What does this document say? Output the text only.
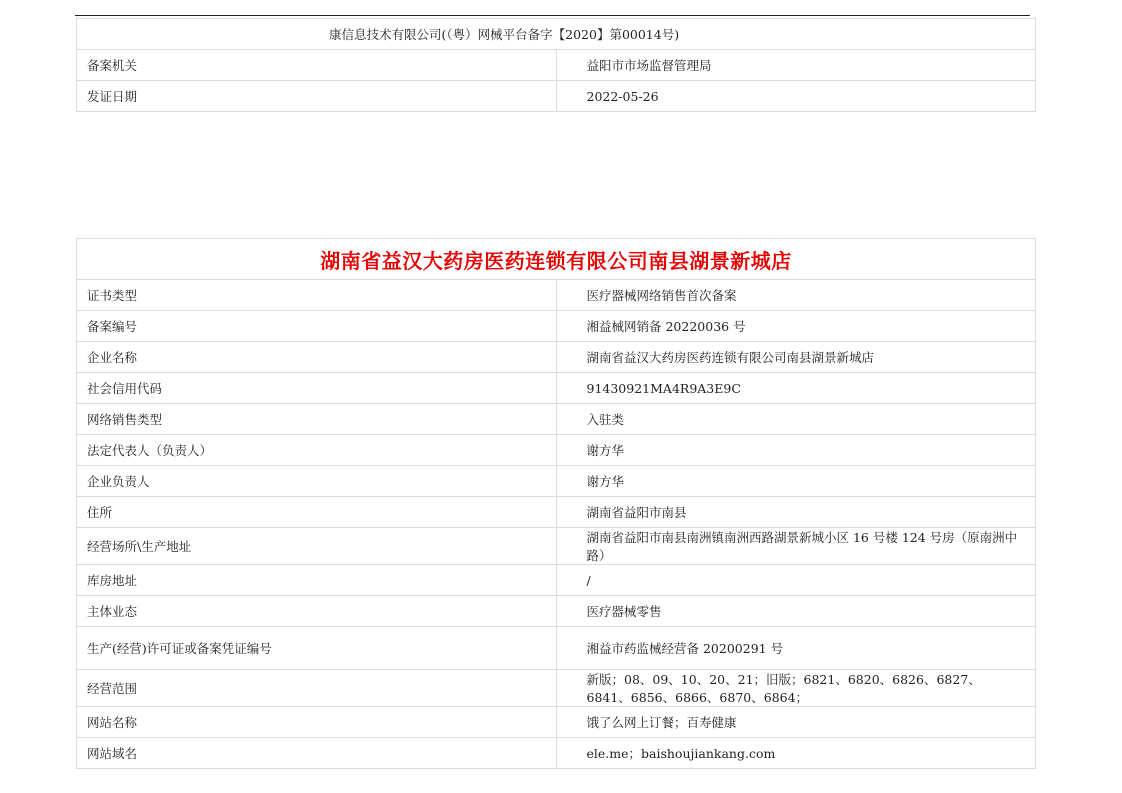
康信息技术有限公司(（粤）网械平台备字【2020】第00014号)	
备案机关	益阳市市场监督管理局
发证日期	2022-05-26
湖南省益汉大药房医药连锁有限公司南县湖景新城店	
证书类型	医疗器械网络销售首次备案
备案编号	湘益械网销备 20220036 号
企业名称	湖南省益汉大药房医药连锁有限公司南县湖景新城店
社会信用代码	91430921MA4R9A3E9C
网络销售类型	入驻类
法定代表人（负责人）	谢方华
企业负责人	谢方华
住所	湖南省益阳市南县
经营场所\生产地址	湖南省益阳市南县南洲镇南洲西路湖景新城小区 16 号楼 124 号房（原南洲中路）
库房地址	/
主体业态	医疗器械零售
生产(经营)许可证或备案凭证编号	湘益市药监械经营备 20200291 号
经营范围	新版；08、09、10、20、21；旧版；6821、6820、6826、6827、6841、6856、6866、6870、6864；
网站名称	饿了么网上订餐；百寿健康
网站域名	ele.me；baishoujiankang.com
